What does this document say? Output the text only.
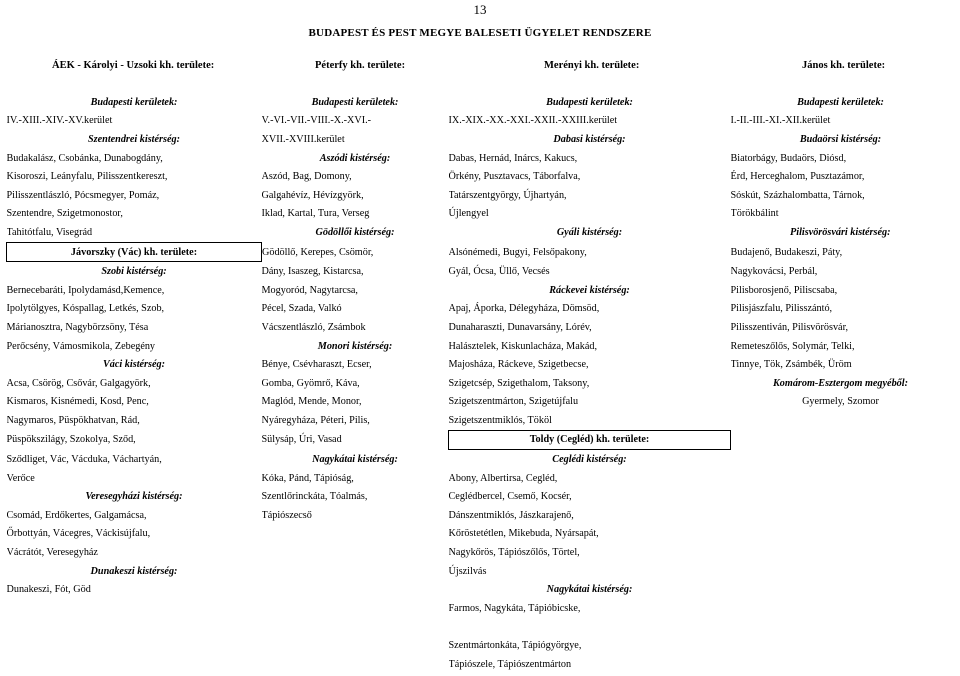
13
BUDAPEST ÉS PEST MEGYE BALESETI ÜGYELET RENDSZERE
ÁEK - Károlyi - Uzsoki kh. területe:	Péterfy kh. területe:	Merényi kh. területe:	János kh. területe:
Budapesti kerületek:	Budapesti kerületek:	Budapesti kerületek:	Budapesti kerületek:
IV.-XIII.-XIV.-XV.kerület	V.-VI.-VII.-VIII.-X.-XVI.-	IX.-XIX.-XX.-XXI.-XXII.-XXIII.kerület	I.-II.-III.-XI.-XII.kerület
Szentendrei kistérség:	XVII.-XVIII.kerület	Dabasi kistérség:	Budaörsi kistérség:
Budakalász, Csobánka, Dunabogdány,	Aszódi kistérség:	Dabas, Hernád, Inárcs, Kakucs,	Biatorbágy, Budaörs, Diósd,
Kisoroszi, Leányfalu, Pilisszentkereszt,	Aszód, Bag, Domony,	Örkény, Pusztavacs, Táborfalva,	Érd, Herceghalom, Pusztazámor,
Pilisszentlászló, Pócsmegyer, Pomáz,	Galgahévíz, Hévízgyörk,	Tatárszentgyörgy, Újhartyán,	Sóskút, Százhalombatta, Tárnok,
Szentendre, Szigetmonostor,	Iklad, Kartal, Tura, Verseg	Újlengyel	Törökbálint
Tahitótfalu, Visegrád	Gödöllői kistérség:	Gyáli kistérség:	Pilisvörösvári kistérség:
Jávorszky (Vác) kh. területe:	Gödöllő, Kerepes, Csömör,	Alsónémedi, Bugyi, Felsőpakony,	Budajenő, Budakeszi, Páty,
Szobi kistérség:	Dány, Isaszeg, Kistarcsa,	Gyál, Ócsa, Üllő, Vecsés	Nagykovácsi, Perbál,
Bernecebaráti, Ipolydamásd,Kemence,	Mogyoród, Nagytarcsa,	Ráckevei kistérség:	Pilisborosjenő, Piliscsaba,
Ipolytölgyes, Kóspallag, Letkés, Szob,	Pécel, Szada, Valkó	Apaj, Áporka, Délegyháza, Dömsöd,	Pilisjászfalu, Pilisszántó,
Márianosztra, Nagybörzsöny, Tésa	Vácszentlászló, Zsámbok	Dunaharaszti, Dunavarsány, Lórév,	Pilisszentiván, Pilisvörösvár,
Perőcsény, Vámosmikola, Zebegény	Monori kistérség:	Halásztelek, Kiskunlacháza, Makád,	Remeteszőlős, Solymár, Telki,
Váci kistérség:	Bénye, Csévharaszt, Ecser,	Majosháza, Ráckeve, Szigetbecse,	Tinnye, Tök, Zsámbék, Üröm
Acsa, Csörög, Csővár, Galgagyörk,	Gomba, Gyömrő, Káva,	Szigetcsép, Szigethalom, Taksony,	Komárom-Esztergom megyéből:
Kismaros, Kisnémedi, Kosd, Penc,	Maglód, Mende, Monor,	Szigetszentmárton, Szigetújfalu	Gyermely, Szomor
Nagymaros, Püspökhatvan, Rád,	Nyáregyháza, Péteri, Pilis,	Szigetszentmiklós, Tököl	
Püspökszilágy, Szokolya, Sződ,	Sülysáp, Úri, Vasad	Toldy (Cegléd) kh. területe:	
Sződliget, Vác, Vácduka, Váchartyán,	Nagykátai kistérség:	Ceglédi kistérség:	
Verőce	Kóka, Pánd, Tápióság,	Abony, Albertirsa, Cegléd,	
Veresegyházi kistérség:	Szentlőrinckáta, Tóalmás,	Ceglédbercel, Csemő, Kocsér,	
Csomád, Erdőkertes, Galgamácsa,	Tápiószecső	Dánszentmiklós, Jászkarajenő,	
Őrbottyán, Vácegres, Váckisújfalu,		Kőröstetétlen, Mikebuda, Nyársapát,	
Vácrátót, Veresegyház		Nagykőrös, Tápiószőlős, Törtel,	
Dunakeszi kistérség:		Újszilvás	
Dunakeszi, Fót, Göd		Nagykátai kistérség:	
		Farmos, Nagykáta, Tápióbicske,	

		Szentmártonkáta, Tápiógyörgye,	
		Tápiószele, Tápiószentmárton	
